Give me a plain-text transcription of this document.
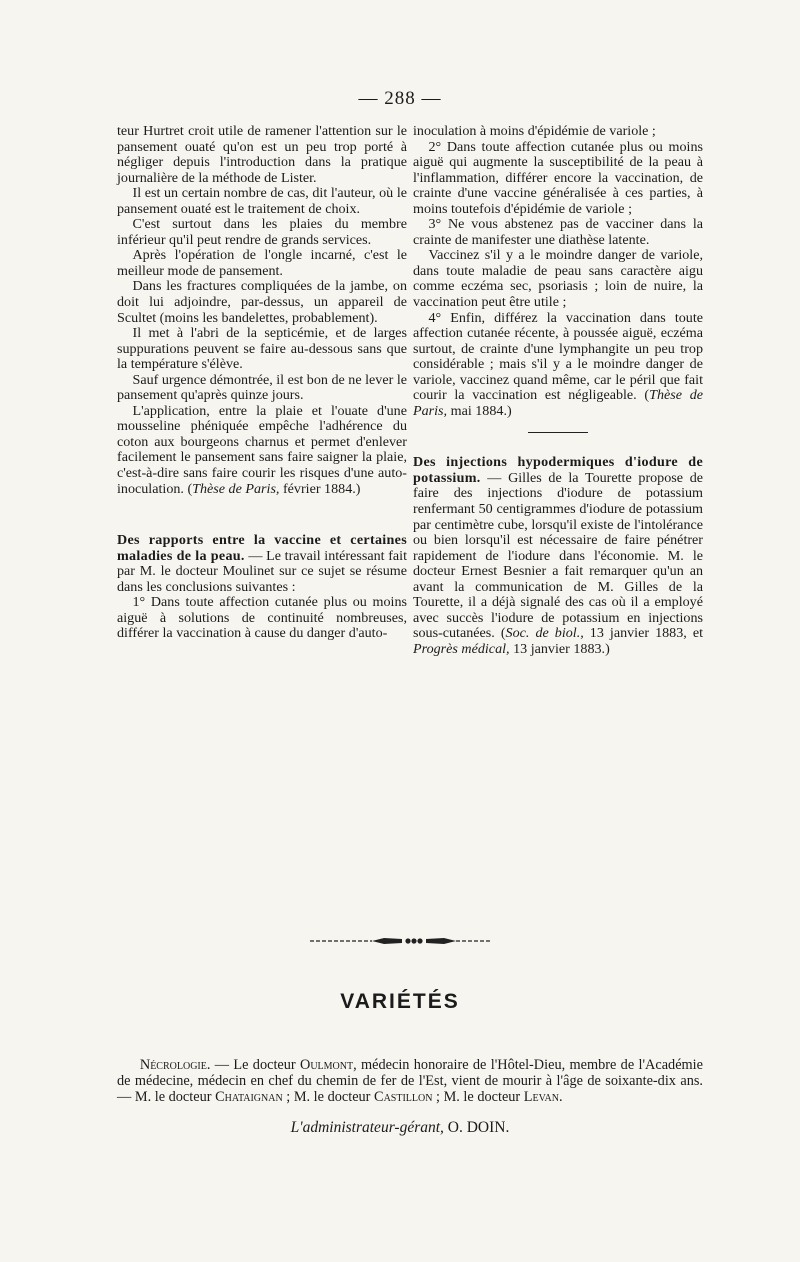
— 288 —

teur Hurtret croit utile de ramener l'attention sur le pansement ouaté qu'on est un peu trop porté à négliger depuis l'introduction dans la pratique journalière de la méthode de Lister.

Il est un certain nombre de cas, dit l'auteur, où le pansement ouaté est le traitement de choix.

C'est surtout dans les plaies du membre inférieur qu'il peut rendre de grands services.

Après l'opération de l'ongle incarné, c'est le meilleur mode de pansement.

Dans les fractures compliquées de la jambe, on doit lui adjoindre, par-dessus, un appareil de Scultet (moins les bandelettes, probablement).

Il met à l'abri de la septicémie, et de larges suppurations peuvent se faire au-dessous sans que la température s'élève.

Sauf urgence démontrée, il est bon de ne lever le pansement qu'après quinze jours.

L'application, entre la plaie et l'ouate d'une mousseline phéniquée empêche l'adhérence du coton aux bourgeons charnus et permet d'enlever facilement le pansement sans faire saigner la plaie, c'est-à-dire sans faire courir les risques d'une auto-inoculation. (Thèse de Paris, février 1884.)

Des rapports entre la vaccine et certaines maladies de la peau. — Le travail intéressant fait par M. le docteur Moulinet sur ce sujet se résume dans les conclusions suivantes :

1° Dans toute affection cutanée plus ou moins aiguë à solutions de continuité nombreuses, différer la vaccination à cause du danger d'auto-

inoculation à moins d'épidémie de variole ;

2° Dans toute affection cutanée plus ou moins aiguë qui augmente la susceptibilité de la peau à l'inflammation, différer encore la vaccination, de crainte d'une vaccine généralisée à ces parties, à moins toutefois d'épidémie de variole ;

3° Ne vous abstenez pas de vacciner dans la crainte de manifester une diathèse latente.

Vaccinez s'il y a le moindre danger de variole, dans toute maladie de peau sans caractère aigu comme eczéma sec, psoriasis ; loin de nuire, la vaccination peut être utile ;

4° Enfin, différez la vaccination dans toute affection cutanée récente, à poussée aiguë, eczéma surtout, de crainte d'une lymphangite un peu trop considérable ; mais s'il y a le moindre danger de variole, vaccinez quand même, car le péril que fait courir la vaccination est négligeable. (Thèse de Paris, mai 1884.)

Des injections hypodermiques d'iodure de potassium. — Gilles de la Tourette propose de faire des injections d'iodure de potassium renfermant 50 centigrammes d'iodure de potassium par centimètre cube, lorsqu'il existe de l'intolérance ou bien lorsqu'il est nécessaire de faire pénétrer rapidement de l'iodure dans l'économie. M. le docteur Ernest Besnier a fait remarquer qu'un an avant la communication de M. Gilles de la Tourette, il a déjà signalé des cas où il a employé avec succès l'iodure de potassium en injections sous-cutanées. (Soc. de biol., 13 janvier 1883, et Progrès médical, 13 janvier 1883.)

VARIÉTÉS

Nécrologie. — Le docteur Oulmont, médecin honoraire de l'Hôtel-Dieu, membre de l'Académie de médecine, médecin en chef du chemin de fer de l'Est, vient de mourir à l'âge de soixante-dix ans. — M. le docteur Chataignan ; M. le docteur Castillon ; M. le docteur Levan.

L'administrateur-gérant, O. DOIN.
